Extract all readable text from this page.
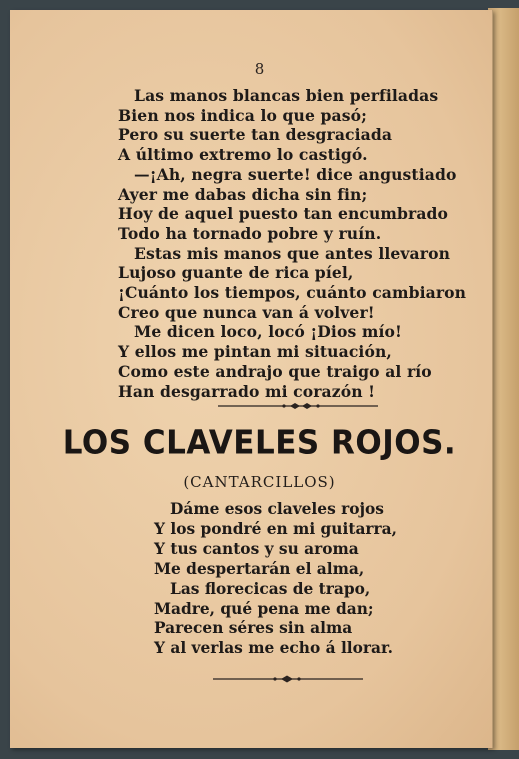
8
Las manos blancas bien perfiladas
Bien nos indica lo que pasó;
Pero su suerte tan desgraciada
A último extremo lo castigó.
—¡Ah, negra suerte! dice angustiado
Ayer me dabas dicha sin fin;
Hoy de aquel puesto tan encumbrado
Todo ha tornado pobre y ruín.
Estas mis manos que antes llevaron
Lujoso guante de rica píel,
¡Cuánto los tiempos, cuánto cambiaron
Creo que nunca van á volver!
Me dicen loco, locó ¡Dios mío!
Y ellos me pintan mi situación,
Como este andrajo que traigo al río
Han desgarrado mi corazón !
LOS CLAVELES ROJOS.
(CANTARCILLOS)
Dáme esos claveles rojos
Y los pondré en mi guitarra,
Y tus cantos y su aroma
Me despertarán el alma,
Las florecicas de trapo,
Madre, qué pena me dan;
Parecen séres sin alma
Y al verlas me echo á llorar.
